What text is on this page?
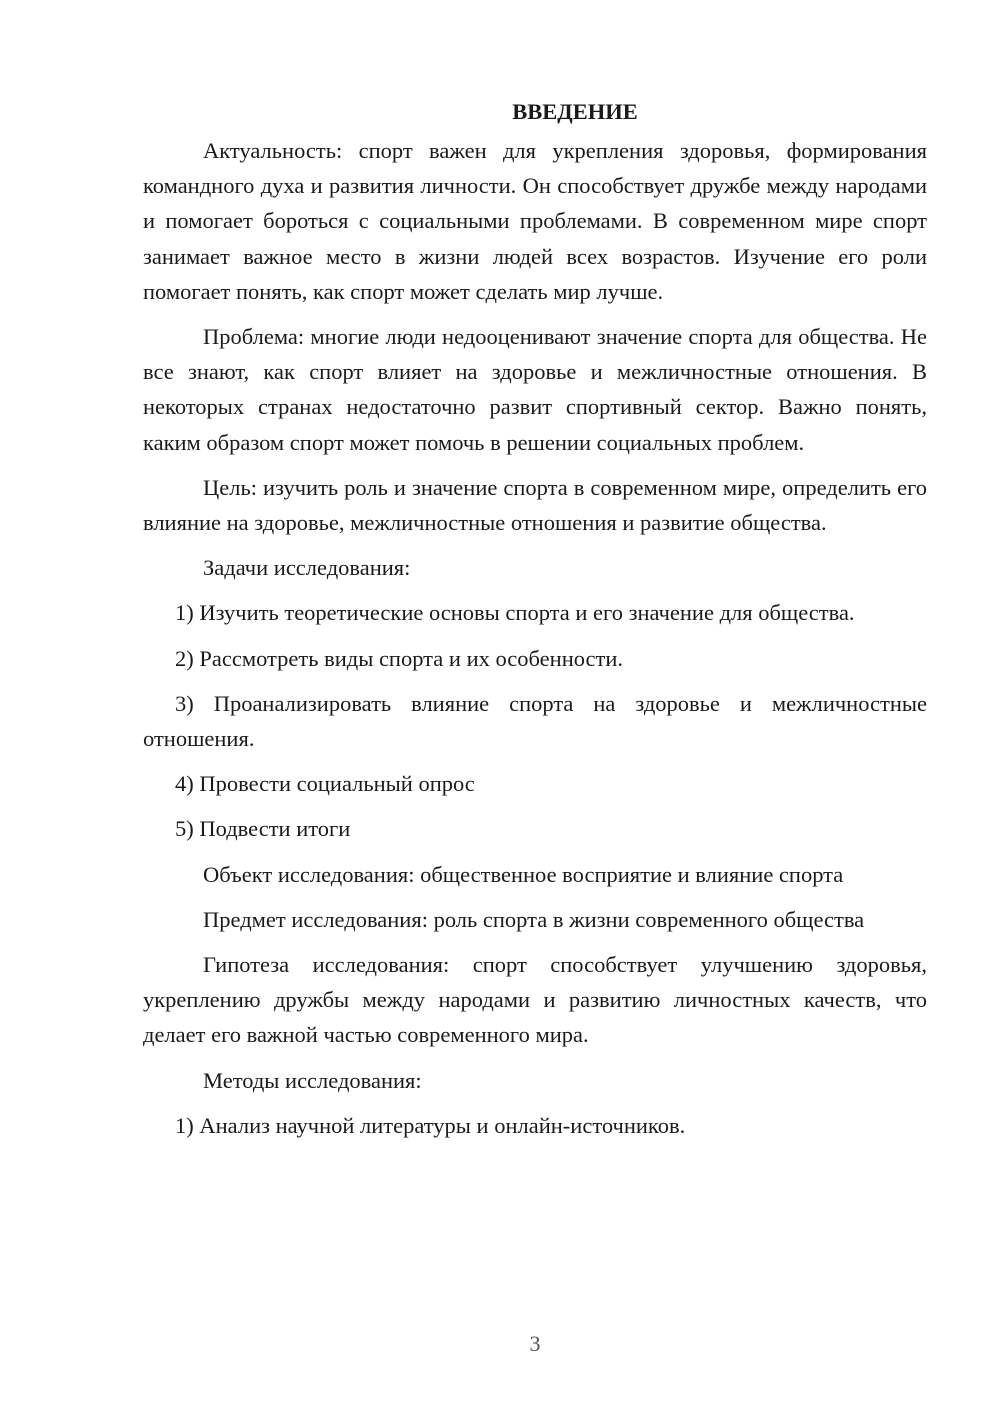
ВВЕДЕНИЕ

Актуальность: спорт важен для укрепления здоровья, формирования командного духа и развития личности. Он способствует дружбе между народами и помогает бороться с социальными проблемами. В современном мире спорт занимает важное место в жизни людей всех возрастов. Изучение его роли помогает понять, как спорт может сделать мир лучше.

Проблема: многие люди недооценивают значение спорта для общества. Не все знают, как спорт влияет на здоровье и межличностные отношения. В некоторых странах недостаточно развит спортивный сектор. Важно понять, каким образом спорт может помочь в решении социальных проблем.

Цель: изучить роль и значение спорта в современном мире, определить его влияние на здоровье, межличностные отношения и развитие общества.

Задачи исследования:

1) Изучить теоретические основы спорта и его значение для общества.

2) Рассмотреть виды спорта и их особенности.

3) Проанализировать влияние спорта на здоровье и межличностные отношения.

4) Провести социальный опрос

5) Подвести итоги

Объект исследования: общественное восприятие и влияние спорта

Предмет исследования: роль спорта в жизни современного общества

Гипотеза исследования: спорт способствует улучшению здоровья, укреплению дружбы между народами и развитию личностных качеств, что делает его важной частью современного мира.

Методы исследования:

1) Анализ научной литературы и онлайн-источников.

3
